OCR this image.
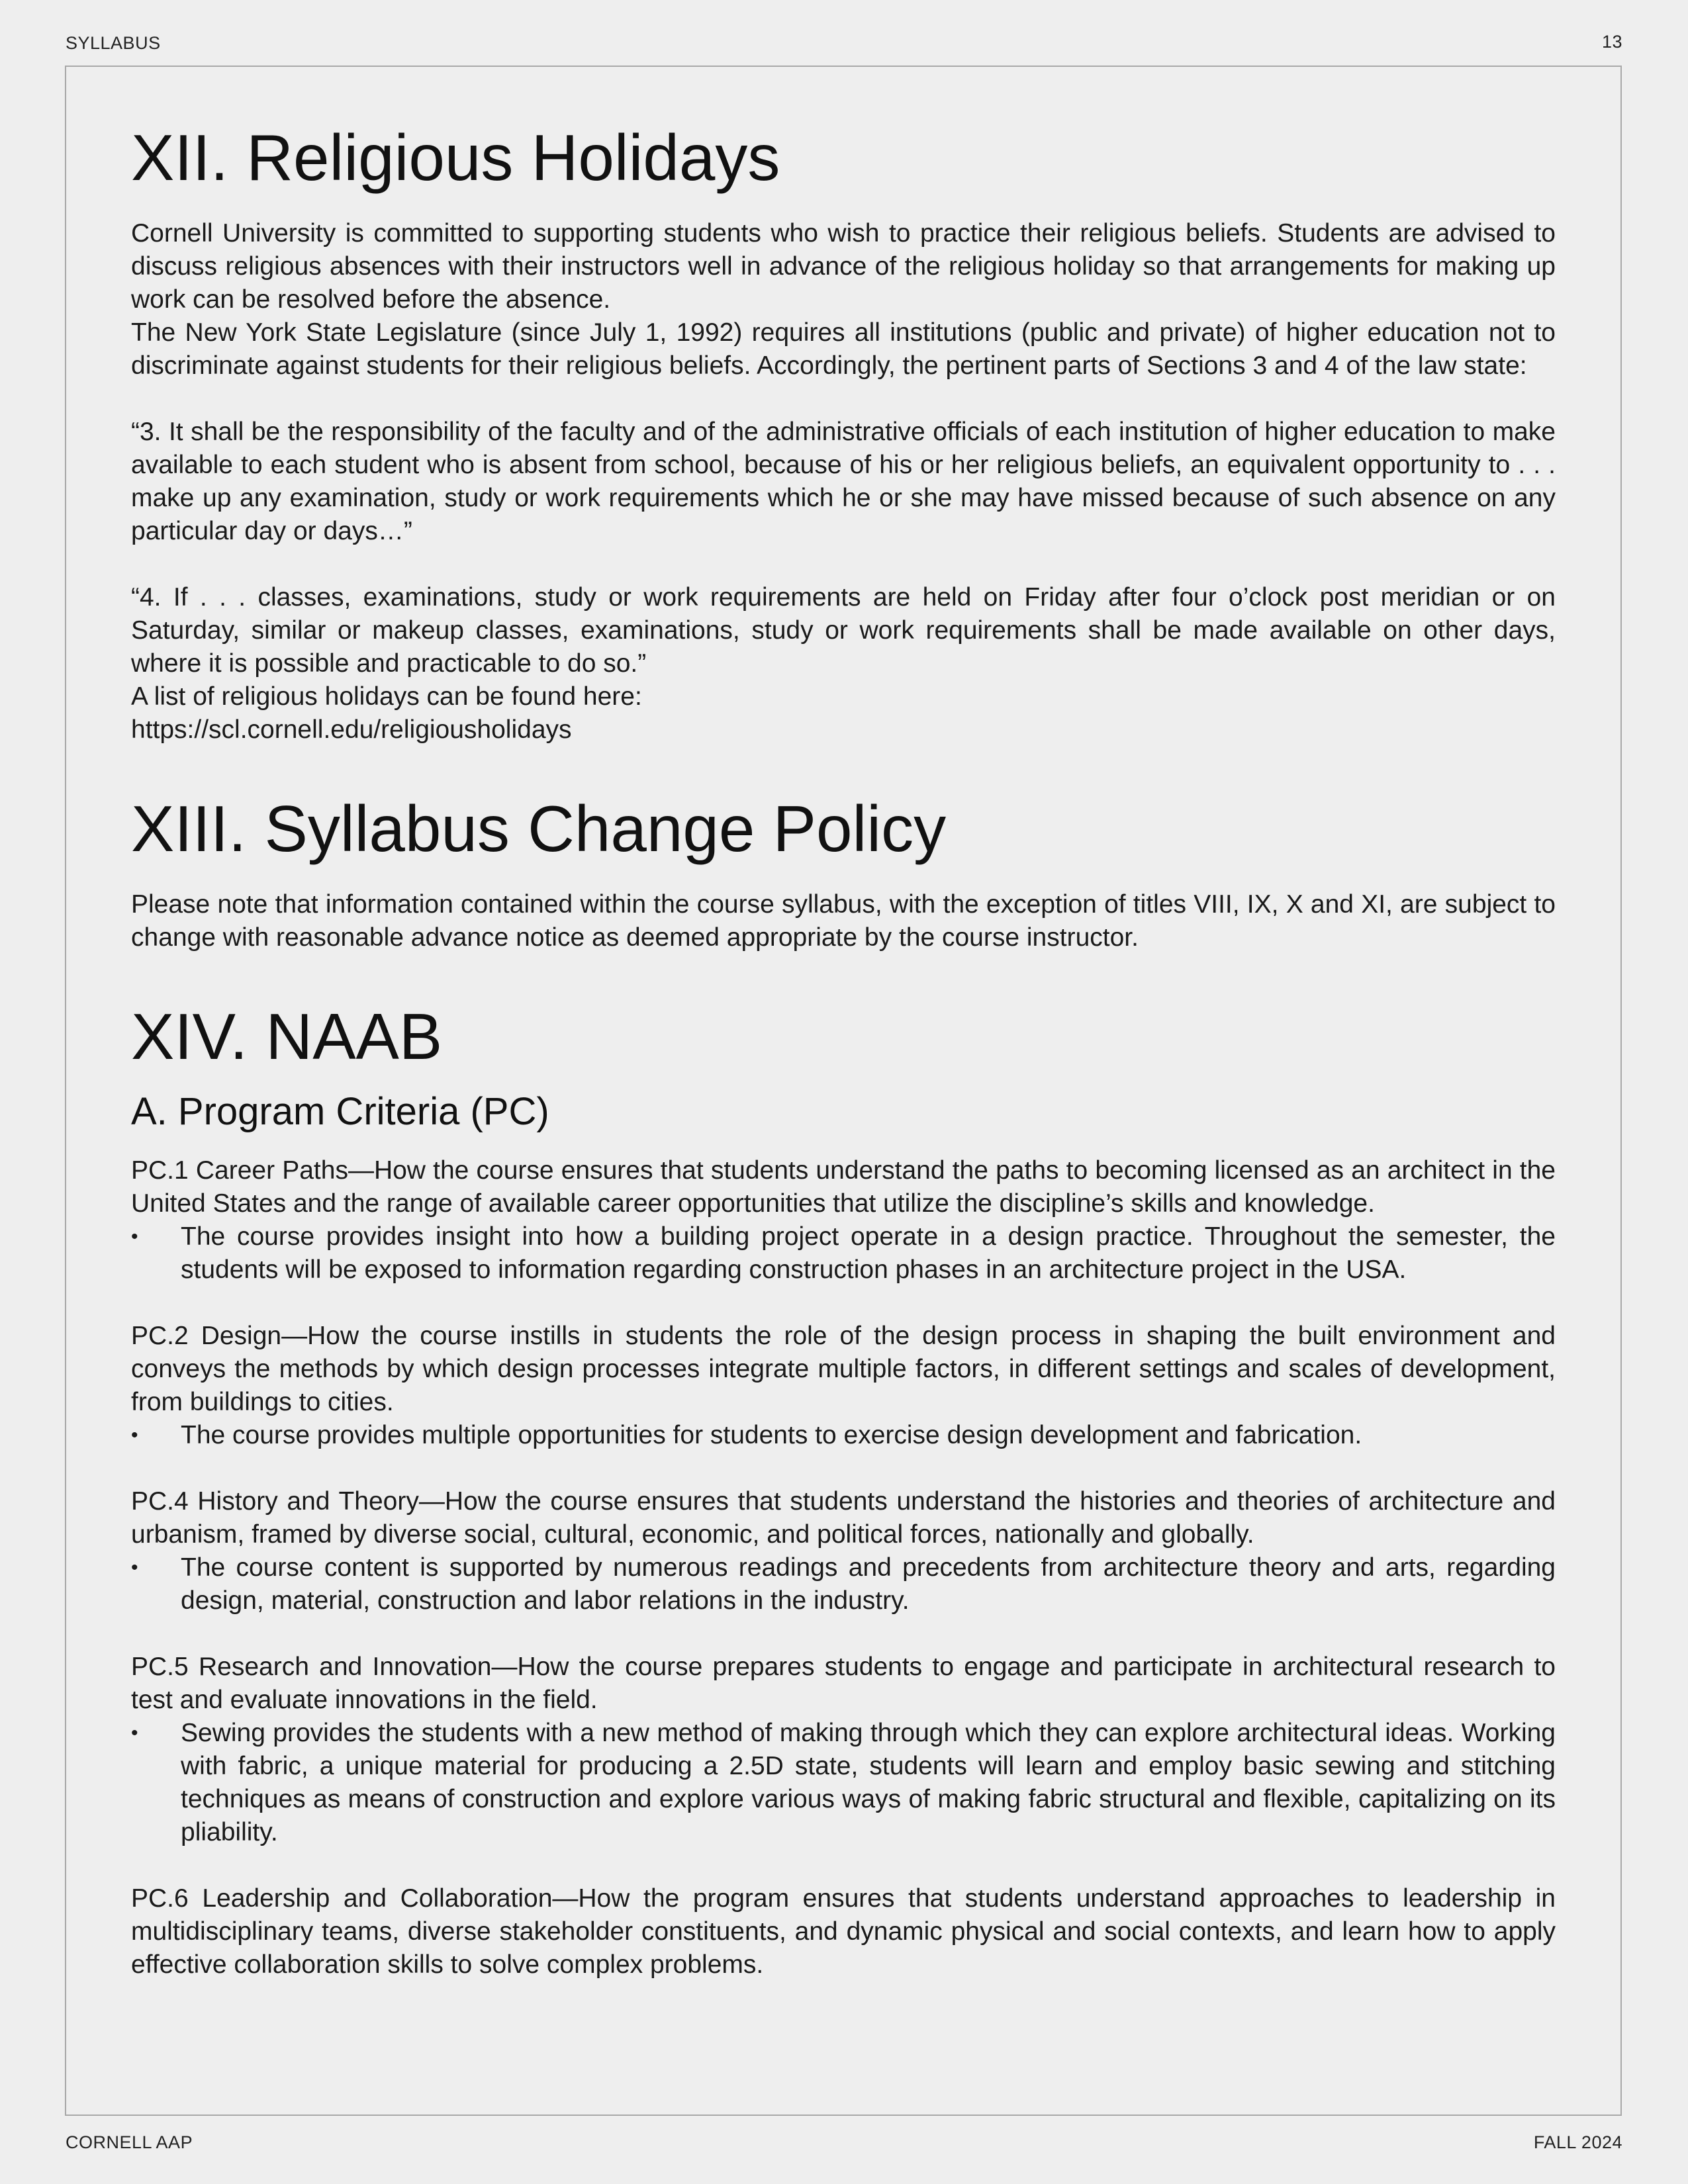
SYLLABUS	13
XII. Religious Holidays

Cornell University is committed to supporting students who wish to practice their religious beliefs. Students are advised to discuss religious absences with their instructors well in advance of the religious holiday so that arrangements for making up work can be resolved before the absence.

The New York State Legislature (since July 1, 1992) requires all institutions (public and private) of higher education not to discriminate against students for their religious beliefs. Accordingly, the pertinent parts of Sections 3 and 4 of the law state:

“3. It shall be the responsibility of the faculty and of the administrative officials of each institution of higher education to make available to each student who is absent from school, because of his or her religious beliefs, an equivalent opportunity to . . . make up any examination, study or work requirements which he or she may have missed because of such absence on any particular day or days…”

“4. If . . . classes, examinations, study or work requirements are held on Friday after four o’clock post meridian or on Saturday, similar or makeup classes, examinations, study or work requirements shall be made available on other days, where it is possible and practicable to do so.”

A list of religious holidays can be found here:

https://scl.cornell.edu/religiousholidays

XIII. Syllabus Change Policy

Please note that information contained within the course syllabus, with the exception of titles VIII, IX, X and XI, are subject to change with reasonable advance notice as deemed appropriate by the course instructor.

XIV. NAAB
A. Program Criteria (PC)

PC.1 Career Paths—How the course ensures that students understand the paths to becoming licensed as an architect in the United States and the range of available career opportunities that utilize the discipline’s skills and knowledge.

• The course provides insight into how a building project operate in a design practice. Throughout the semester, the students will be exposed to information regarding construction phases in an architecture project in the USA.

PC.2 Design—How the course instills in students the role of the design process in shaping the built environment and conveys the methods by which design processes integrate multiple factors, in different settings and scales of development, from buildings to cities.

• The course provides multiple opportunities for students to exercise design development and fabrication.

PC.4 History and Theory—How the course ensures that students understand the histories and theories of architecture and urbanism, framed by diverse social, cultural, economic, and political forces, nationally and globally.

• The course content is supported by numerous readings and precedents from architecture theory and arts, regarding design, material, construction and labor relations in the industry.

PC.5 Research and Innovation—How the course prepares students to engage and participate in architectural research to test and evaluate innovations in the field.

• Sewing provides the students with a new method of making through which they can explore architectural ideas. Working with fabric, a unique material for producing a 2.5D state, students will learn and employ basic sewing and stitching techniques as means of construction and explore various ways of making fabric structural and flexible, capitalizing on its pliability.

PC.6 Leadership and Collaboration—How the program ensures that students understand approaches to leadership in multidisciplinary teams, diverse stakeholder constituents, and dynamic physical and social contexts, and learn how to apply effective collaboration skills to solve complex problems.

CORNELL AAP	FALL 2024
